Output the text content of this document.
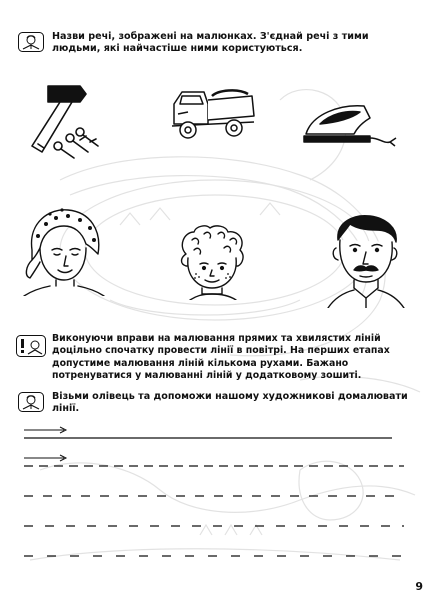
Назви речі, зображені на малюнках. З'єднай речі з тими людьми, які найчастіше ними користуються.

Виконуючи вправи на малювання прямих та хвилястих ліній доцільно спочатку провести лінії в повітрі. На перших етапах допустиме малювання ліній кількома рухами. Бажано потренуватися у малюванні ліній у додатковому зошиті.

Візьми олівець та допоможи нашому художникові домалювати лінії.

9
